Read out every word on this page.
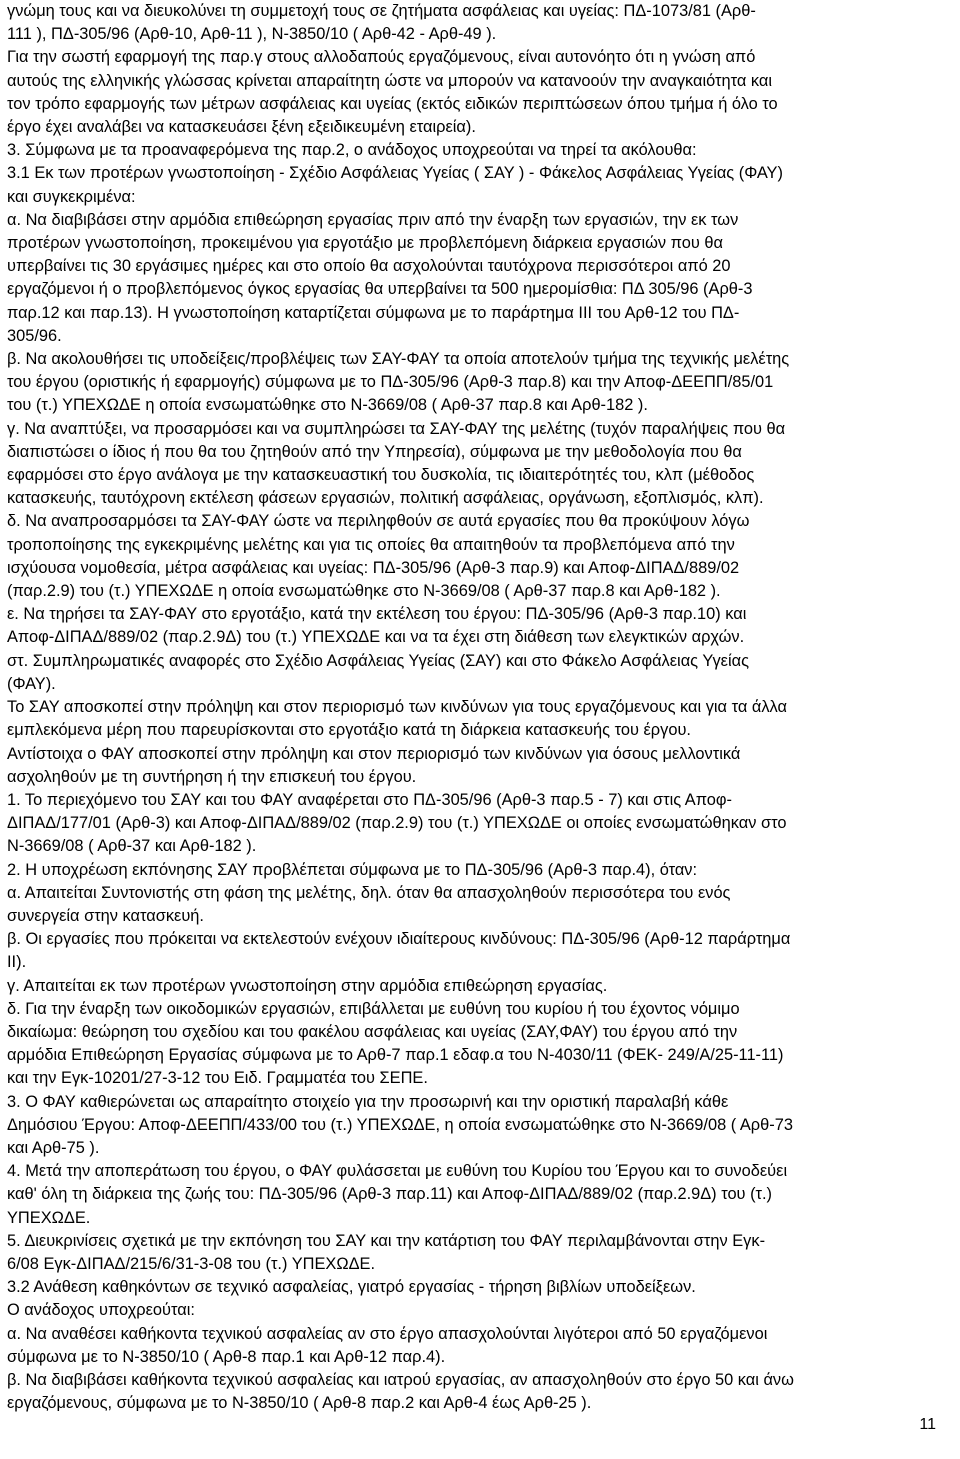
γνώμη τους και να διευκολύνει τη συμμετοχή τους σε ζητήματα ασφάλειας και υγείας: ΠΔ-1073/81 (Αρθ-

111 ), ΠΔ-305/96 (Αρθ-10, Αρθ-11 ), Ν-3850/10 ( Αρθ-42 - Αρθ-49 ).

Για την σωστή εφαρμογή της παρ.γ στους αλλοδαπούς εργαζόμενους, είναι αυτονόητο ότι η γνώση από

αυτούς της ελληνικής γλώσσας κρίνεται απαραίτητη ώστε να μπορούν να κατανοούν την αναγκαιότητα και

τον τρόπο εφαρμογής των μέτρων ασφάλειας και υγείας (εκτός ειδικών περιπτώσεων όπου τμήμα ή όλο το

έργο έχει αναλάβει να κατασκευάσει ξένη εξειδικευμένη εταιρεία).

3. Σύμφωνα με τα προαναφερόμενα της παρ.2, ο ανάδοχος υποχρεούται να τηρεί τα ακόλουθα:

3.1 Εκ των προτέρων γνωστοποίηση - Σχέδιο Ασφάλειας Υγείας ( ΣΑΥ ) - Φάκελος Ασφάλειας Υγείας (ΦΑΥ)

και συγκεκριμένα:

α. Να διαβιβάσει στην αρμόδια επιθεώρηση εργασίας πριν από την έναρξη των εργασιών, την εκ των

προτέρων γνωστοποίηση, προκειμένου για εργοτάξιο με προβλεπόμενη διάρκεια εργασιών που θα

υπερβαίνει τις 30 εργάσιμες ημέρες και στο οποίο θα ασχολούνται ταυτόχρονα περισσότεροι από 20

εργαζόμενοι ή ο προβλεπόμενος όγκος εργασίας θα υπερβαίνει τα 500 ημερομίσθια: ΠΔ 305/96 (Αρθ-3

παρ.12 και παρ.13). Η γνωστοποίηση καταρτίζεται σύμφωνα με το παράρτημα ΙΙΙ του Αρθ-12 του ΠΔ-

305/96.

β. Να ακολουθήσει τις υποδείξεις/προβλέψεις των ΣΑΥ-ΦΑΥ τα οποία αποτελούν τμήμα της τεχνικής μελέτης

του έργου (οριστικής ή εφαρμογής) σύμφωνα με το ΠΔ-305/96 (Αρθ-3 παρ.8) και την Αποφ-ΔΕΕΠΠ/85/01

του (τ.) ΥΠΕΧΩΔΕ η οποία ενσωματώθηκε στο Ν-3669/08 ( Αρθ-37 παρ.8 και Αρθ-182 ).

γ. Να αναπτύξει, να προσαρμόσει και να συμπληρώσει τα ΣΑΥ-ΦΑΥ της μελέτης (τυχόν παραλήψεις που θα

διαπιστώσει ο ίδιος ή που θα του ζητηθούν από την Υπηρεσία), σύμφωνα με την μεθοδολογία που θα

εφαρμόσει στο έργο ανάλογα με την κατασκευαστική του δυσκολία, τις ιδιαιτερότητές του, κλπ (μέθοδος

κατασκευής, ταυτόχρονη εκτέλεση φάσεων εργασιών, πολιτική ασφάλειας, οργάνωση, εξοπλισμός, κλπ).

δ. Να αναπροσαρμόσει τα ΣΑΥ-ΦΑΥ ώστε να περιληφθούν σε αυτά εργασίες που θα προκύψουν λόγω

τροποποίησης της εγκεκριμένης μελέτης και για τις οποίες θα απαιτηθούν τα προβλεπόμενα από την

ισχύουσα νομοθεσία, μέτρα ασφάλειας και υγείας: ΠΔ-305/96 (Αρθ-3 παρ.9) και Αποφ-ΔΙΠΑΔ/889/02

(παρ.2.9) του (τ.) ΥΠΕΧΩΔΕ η οποία ενσωματώθηκε στο Ν-3669/08 ( Αρθ-37 παρ.8 και Αρθ-182 ).

ε. Να τηρήσει τα ΣΑΥ-ΦΑΥ στο εργοτάξιο, κατά την εκτέλεση του έργου: ΠΔ-305/96 (Αρθ-3 παρ.10) και

Αποφ-ΔΙΠΑΔ/889/02 (παρ.2.9Δ) του (τ.) ΥΠΕΧΩΔΕ και να τα έχει στη διάθεση των ελεγκτικών αρχών.

στ. Συμπληρωματικές αναφορές στο Σχέδιο Ασφάλειας Υγείας (ΣΑΥ) και στο Φάκελο Ασφάλειας Υγείας

(ΦΑΥ).

Το ΣΑΥ αποσκοπεί στην πρόληψη και στον περιορισμό των κινδύνων για τους εργαζόμενους και για τα άλλα

εμπλεκόμενα μέρη που παρευρίσκονται στο εργοτάξιο κατά τη διάρκεια κατασκευής του έργου.

Αντίστοιχα ο ΦΑΥ αποσκοπεί στην πρόληψη και στον περιορισμό των κινδύνων για όσους μελλοντικά

ασχοληθούν με τη συντήρηση ή την επισκευή του έργου.

1. Το περιεχόμενο του ΣΑΥ και του ΦΑΥ αναφέρεται στο ΠΔ-305/96 (Αρθ-3 παρ.5 - 7) και στις Αποφ-

ΔΙΠΑΔ/177/01 (Αρθ-3) και Αποφ-ΔΙΠΑΔ/889/02 (παρ.2.9) του (τ.) ΥΠΕΧΩΔΕ οι οποίες ενσωματώθηκαν στο

Ν-3669/08 ( Αρθ-37 και Αρθ-182 ).

2. Η υποχρέωση εκπόνησης ΣΑΥ προβλέπεται σύμφωνα με το ΠΔ-305/96 (Αρθ-3 παρ.4), όταν:

α. Απαιτείται Συντονιστής στη φάση της μελέτης, δηλ. όταν θα απασχοληθούν περισσότερα του ενός

συνεργεία στην κατασκευή.

β. Οι εργασίες που πρόκειται να εκτελεστούν ενέχουν ιδιαίτερους κινδύνους: ΠΔ-305/96 (Αρθ-12 παράρτημα

ΙΙ).

γ. Απαιτείται εκ των προτέρων γνωστοποίηση στην αρμόδια επιθεώρηση εργασίας.

δ. Για την έναρξη των οικοδομικών εργασιών, επιβάλλεται με ευθύνη του κυρίου ή του έχοντος νόμιμο

δικαίωμα: θεώρηση του σχεδίου και του φακέλου ασφάλειας και υγείας (ΣΑΥ,ΦΑΥ) του έργου από την

αρμόδια Επιθεώρηση Εργασίας σύμφωνα με το Αρθ-7 παρ.1 εδαφ.α του Ν-4030/11 (ΦΕΚ- 249/Α/25-11-11)

και την Εγκ-10201/27-3-12 του Ειδ. Γραμματέα του ΣΕΠΕ.

3. Ο ΦΑΥ καθιερώνεται ως απαραίτητο στοιχείο για την προσωρινή και την οριστική παραλαβή κάθε

Δημόσιου Έργου: Αποφ-ΔΕΕΠΠ/433/00 του (τ.) ΥΠΕΧΩΔΕ, η οποία ενσωματώθηκε στο Ν-3669/08 ( Αρθ-73

και Αρθ-75 ).

4. Μετά την αποπεράτωση του έργου, ο ΦΑΥ φυλάσσεται με ευθύνη του Κυρίου του Έργου και το συνοδεύει

καθ' όλη τη διάρκεια της ζωής του: ΠΔ-305/96 (Αρθ-3 παρ.11) και Αποφ-ΔΙΠΑΔ/889/02 (παρ.2.9Δ) του (τ.)

ΥΠΕΧΩΔΕ.

5. Διευκρινίσεις σχετικά με την εκπόνηση του ΣΑΥ και την κατάρτιση του ΦΑΥ περιλαμβάνονται στην Εγκ-

6/08 Εγκ-ΔΙΠΑΔ/215/6/31-3-08 του (τ.) ΥΠΕΧΩΔΕ.

3.2 Ανάθεση καθηκόντων σε τεχνικό ασφαλείας, γιατρό εργασίας - τήρηση βιβλίων υποδείξεων.

Ο ανάδοχος υποχρεούται:

α. Να αναθέσει καθήκοντα τεχνικού ασφαλείας αν στο έργο απασχολούνται λιγότεροι από 50 εργαζόμενοι

σύμφωνα με το Ν-3850/10 ( Αρθ-8 παρ.1 και Αρθ-12 παρ.4).

β. Να διαβιβάσει καθήκοντα τεχνικού ασφαλείας και ιατρού εργασίας, αν απασχοληθούν στο έργο 50 και άνω

εργαζόμενους, σύμφωνα με το Ν-3850/10 ( Αρθ-8 παρ.2 και Αρθ-4 έως Αρθ-25 ).

11
